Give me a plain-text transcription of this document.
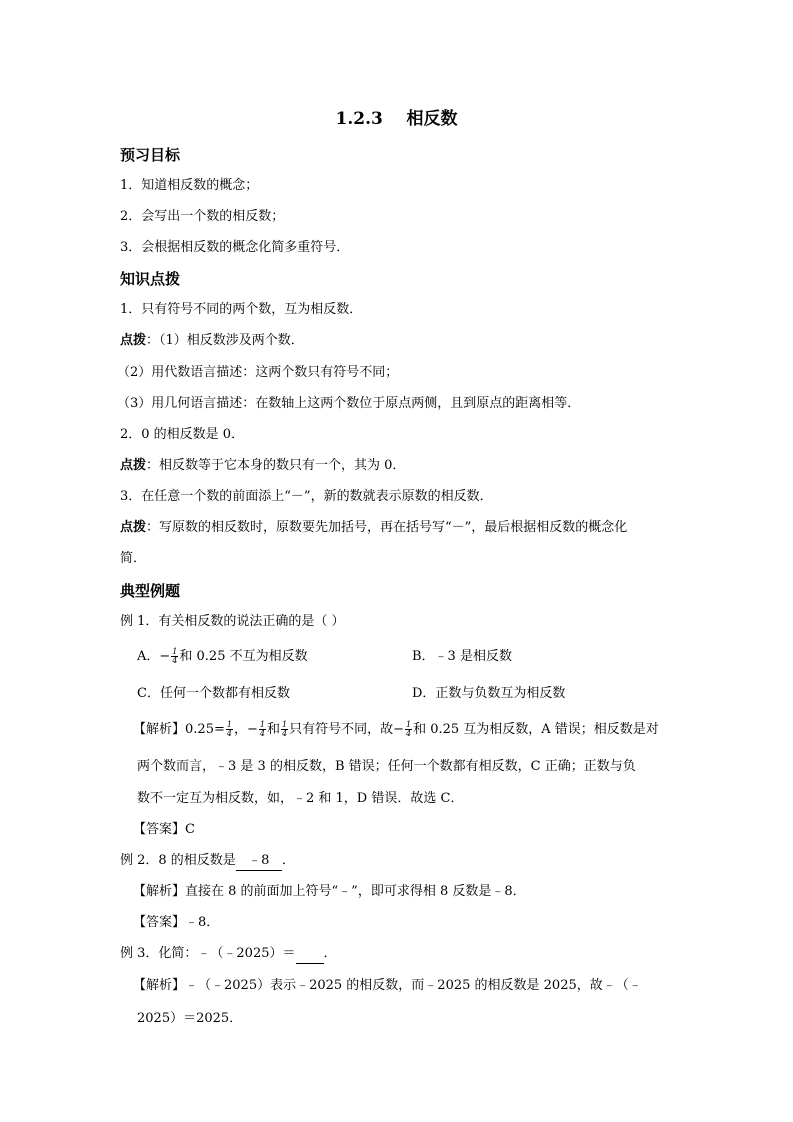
1.2.3    相反数
预习目标
1．知道相反数的概念；
2．会写出一个数的相反数；
3．会根据相反数的概念化简多重符号．
知识点拨
1．只有符号不同的两个数，互为相反数．
点拨：（1）相反数涉及两个数．
（2）用代数语言描述：这两个数只有符号不同；
（3）用几何语言描述：在数轴上这两个数位于原点两侧，且到原点的距离相等．
2．0 的相反数是 0．
点拨：相反数等于它本身的数只有一个，其为 0．
3．在任意一个数的前面添上“－”，新的数就表示原数的相反数．
点拨：写原数的相反数时，原数要先加括号，再在括号写“－”，最后根据相反数的概念化
简．
典型例题
例 1．有关相反数的说法正确的是（ ）
A．− $\frac{1}{4}$ 和 0.25 不互为相反数	B．﹣3 是相反数
C．任何一个数都有相反数	D．正数与负数互为相反数
【解析】$0.25= \frac{1}{4}$ ，− $\frac{1}{4}$ 和 $\frac{1}{4}$ 只有符号不同，故− $\frac{1}{4}$ 和 0.25 互为相反数，A 错误；相反数是对
两个数而言，﹣3 是 3 的相反数，B 错误；任何一个数都有相反数，C 正确；正数与负
数不一定互为相反数，如，﹣2 和 1，D 错误．故选 C．
【答案】C
例 2．8 的相反数是 ﹣8 ．
【解析】直接在 8 的前面加上符号“﹣”，即可求得相 8 反数是﹣8．
【答案】﹣8．
例 3．化简：﹣（﹣2025）＝ ．
【解析】﹣（﹣2025）表示﹣2025 的相反数，而﹣2025 的相反数是 2025，故﹣（﹣
2025）＝2025．
